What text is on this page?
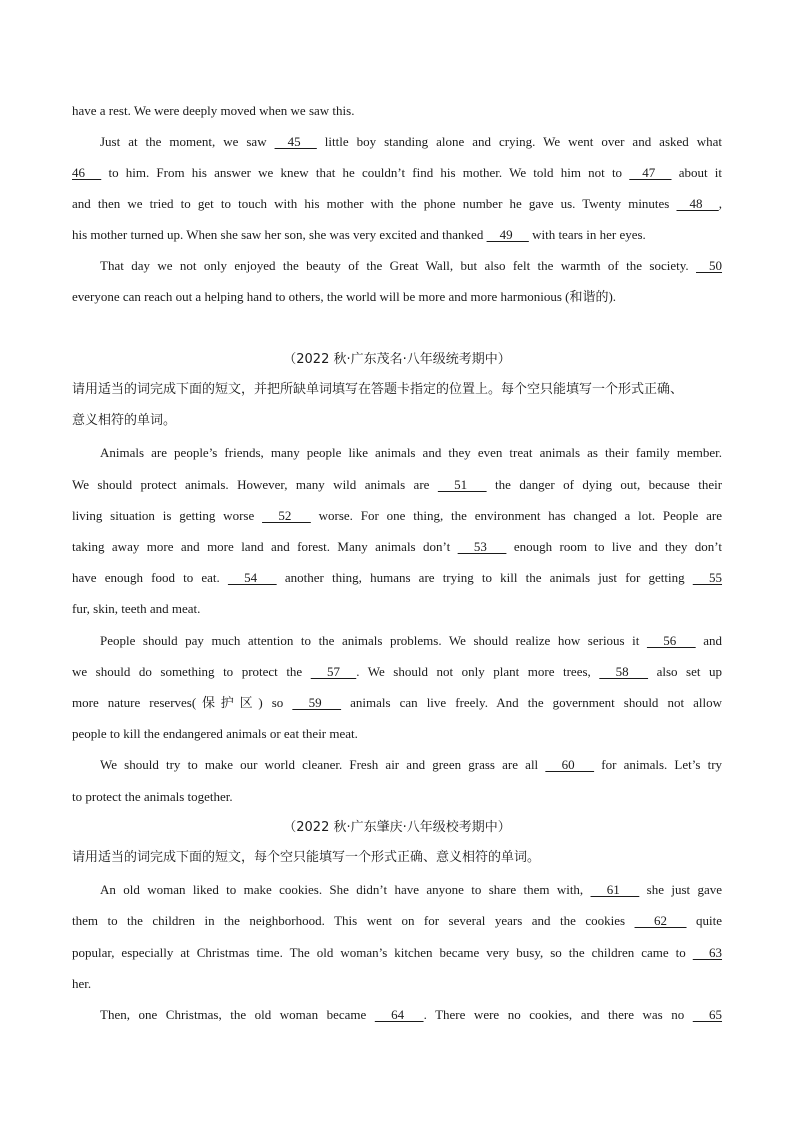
have a rest. We were deeply moved when we saw this.
Just at the moment, we saw     45      little boy standing alone and crying. We went over and asked what
46      to him. From his answer we knew that he couldn’t find his mother. We told him not to     47      about it
and then we tried to get to touch with his mother with the phone number he gave us. Twenty minutes     48     ,
his mother turned up. When she saw her son, she was very excited and thanked     49      with tears in her eyes.
That day we not only enjoyed the beauty of the Great Wall, but also felt the warmth of the society.     50
everyone can reach out a helping hand to others, the world will be more and more harmonious (和谐的).
（2022 秋·广东茂名·八年级统考期中）
请用适当的词完成下面的短文，并把所缺单词填写在答题卡指定的位置上。每个空只能填写一个形式正确、
意义相符的单词。
Animals are people’s friends, many people like animals and they even treat animals as their family member.
We should protect animals. However, many wild animals are      51       the danger of dying out, because their
living situation is getting worse      52       worse. For one thing, the environment has changed a lot. People are
taking away more and more land and forest. Many animals don’t      53       enough room to live and they don’t
have enough food to eat.      54       another thing, humans are trying to kill the animals just for getting      55
fur, skin, teeth and meat.
People should pay much attention to the animals problems. We should realize how serious it      56       and
we should do something to protect the      57     . We should not only plant more trees,      58       also set up
more nature reserves(保护区) so      59       animals can live freely. And the government should not allow
people to kill the endangered animals or eat their meat.
We should try to make our world cleaner. Fresh air and green grass are all      60       for animals. Let’s try
to protect the animals together.
（2022 秋·广东肇庆·八年级校考期中）
请用适当的词完成下面的短文，每个空只能填写一个形式正确、意义相符的单词。
An old woman liked to make cookies. She didn’t have anyone to share them with,      61       she just gave
them to the children in the neighborhood. This went on for several years and the cookies       62       quite
popular, especially at Christmas time. The old woman’s kitchen became very busy, so the children came to      63
her.
Then, one Christmas, the old woman became      64      . There were no cookies, and there was no      65
